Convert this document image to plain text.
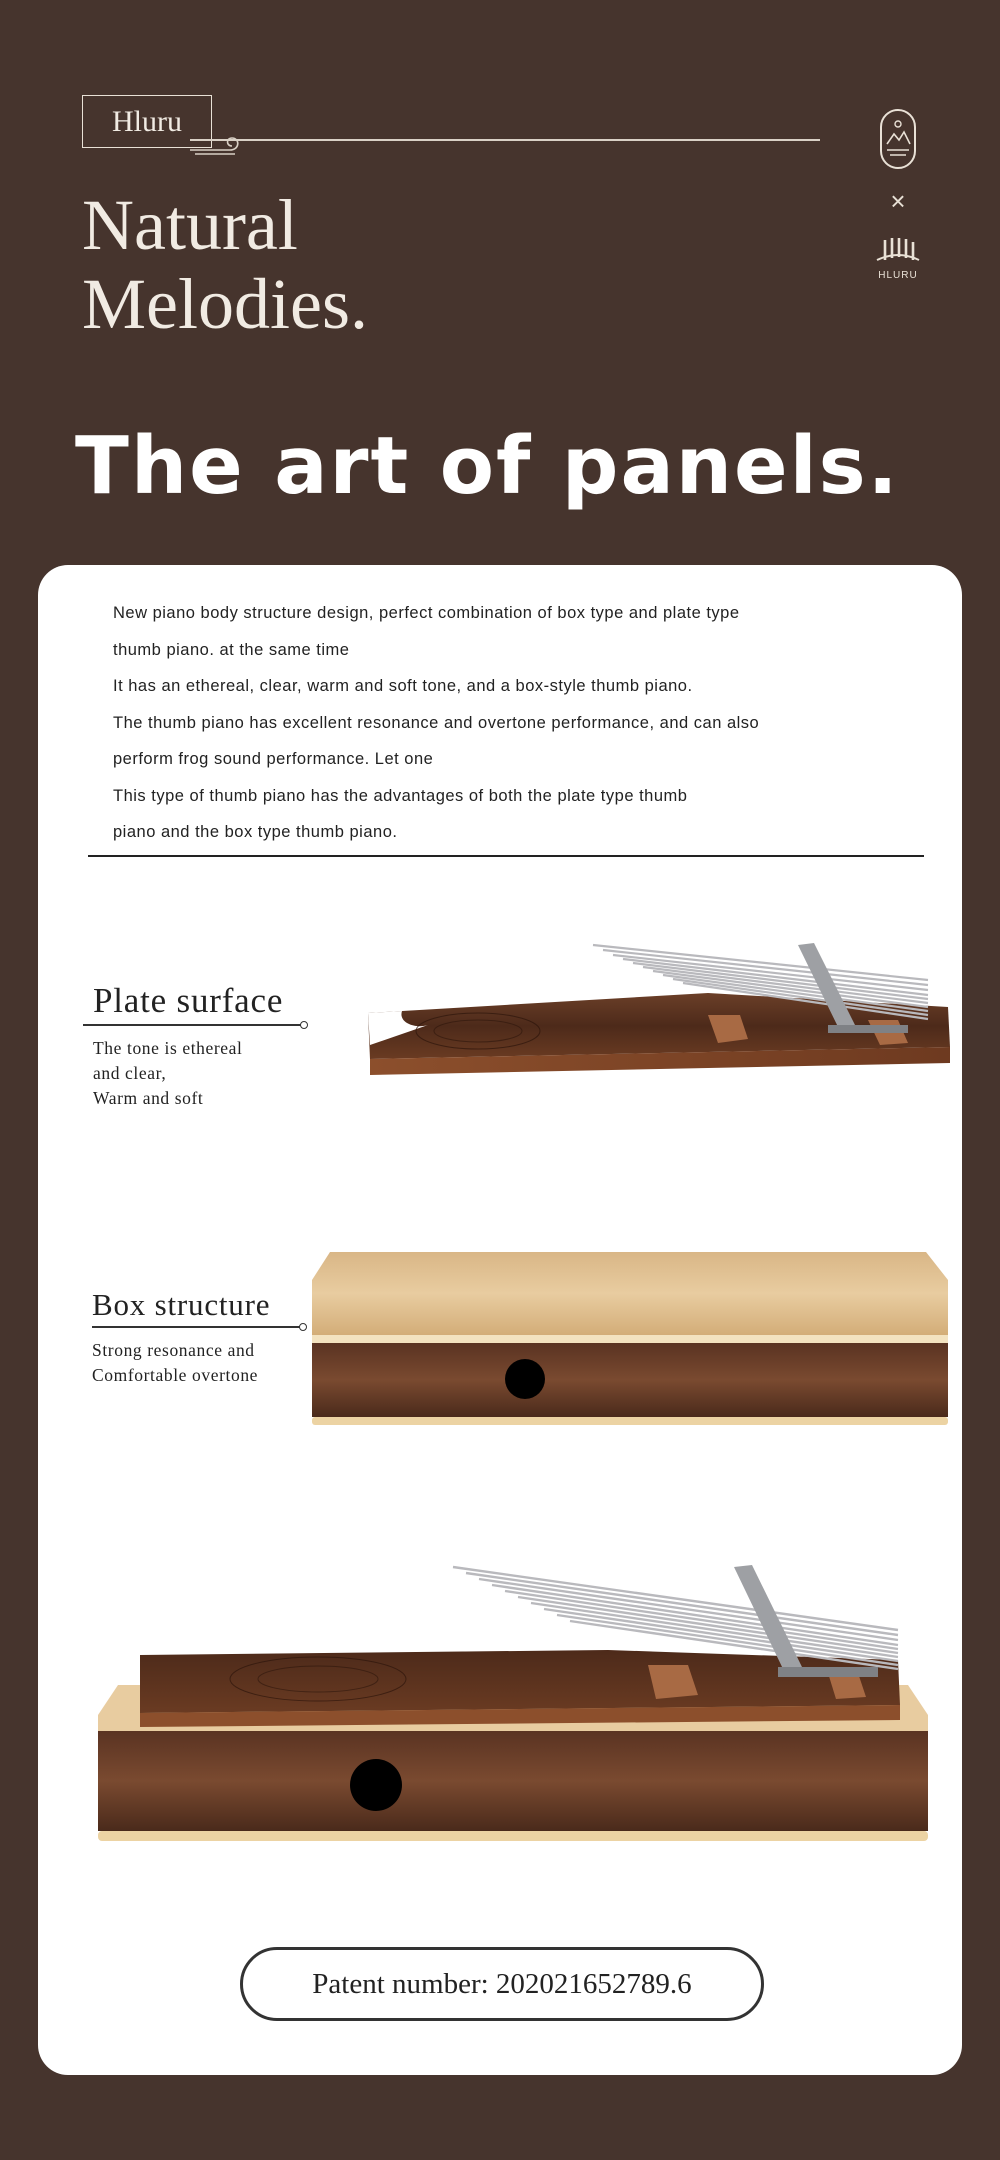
Hluru
Natural
Melodies.
×
HLURU
The art of panels.
New piano body structure design, perfect combination of box type and plate type
thumb piano. at the same time
It has an ethereal, clear, warm and soft tone, and a box-style thumb piano.
The thumb piano has excellent resonance and overtone performance, and can also
perform frog sound performance. Let one
This type of thumb piano has the advantages of both the plate type thumb
piano and the box type thumb piano.
Plate surface
The tone is ethereal
and clear,
Warm and soft
Box structure
Strong resonance and
Comfortable overtone
Patent number: 202021652789.6
